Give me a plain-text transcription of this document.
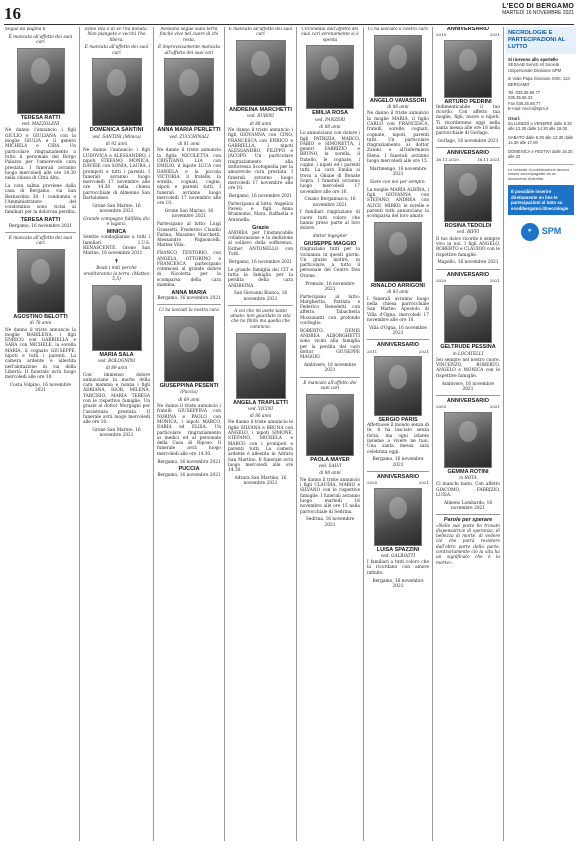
16	L'ECO DI BERGAMO
MARTEDÌ 16 NOVEMBRE 2021

Segue da pagina 6

È mancata all'affetto dei suoi cari

TERESA RATTI
ved. MAZZOLENI

Ne danno l'annuncio i figli GIULIO e GIULIANA con la moglie GIULIA e il genero MICHELA e CIRA. Un particolare ringraziamento a tutto il personale del Borgo Palazzo per l'amorevole cura prestata. I funerali avranno luogo mercoledì alle ore 14.30 nella chiesa di Città Alta.

La cara salma proviene dalla casa di Bergamo, via San Bernardino 30. I condomini e l'Amministratore del condominio sono vicini ai familiari per la dolorosa perdita.

TERESA RATTI

Bergamo, 16 novembre 2021

È mancata all'affetto dei suoi cari

AGOSTINO BELOTTI
di 78 anni

Ne danno il triste annuncio la moglie MARILENA, i figli ENRICO con GABRIELLA e SARA con MICHELE, la sorella MARIA, il cognato GIUSEPPE, nipoti e tutti i parenti. La camera ardente è allestita nell'abitazione in via della Libertà. Il funerale avrà luogo mercoledì alle ore 10.

Costa Volpino, 16 novembre 2021

Ebbe vita e di sé l'ha donata. Non piangete e vecchi l'ho libera.

È mancata all'affetto dei suoi cari

DOMENICA SANTINI
ved. SANTINI (Minica)
di 92 anni

Ne danno l'annuncio i figli LUDOVICA e ALESSANDRO, i nipoti STEFANO, MONICA, DAVIDE con SONIA, LAURA, i pronipoti e tutti i parenti. I funerali avranno luogo mercoledì 17 novembre alle ore 14.30 nella chiesa parrocchiale di Almenno San Bartolomeo.

Grone San Marino, 16 novembre 2021

Grande compagno fullflètu dio e lugara.

MINICA

Sentite condoglianze a tutti i familiari. I.U.S. RENASCENTE. Grone San Marino, 16 novembre 2021

✝

Beati i miti perché erediteranno la terra. (Matteo 5,5)

MARIA SALA
ved. BOLOGNINI
di 89 anni

Con immenso dolore annunciano la morte della cara mamma e nonna i figli ADRIANA, IGOR, MILENA, TARCISIO, MARIA TERESA con le rispettive famiglie. Un grazie al dottor Morgagni per l'assistenza prestata. Il funerale avrà luogo mercoledì alle ore 10.

Grone San Marino, 16 novembre 2021

Nessuno segue sulla terra finché vive nel cuore di chi resta.

È improvvisamente mancata all'affetto dei suoi cari

ANNA MARIA PERLETTI
ved. ZUCCHINALI
di 81 anni

Ne danno il triste annuncio la figlia NICOLETTA con CRISTIANO, LIA con EMILIO, il nipote LUCA con DANIELA e la piccola VICTORIA, il fratello, la sorella, cognati, cugini, nipoti e parenti tutti. I funerali avranno luogo mercoledì 17 novembre alle ore 10.

Grone San Marino, 16 novembre 2021

Partecipano al lutto: Luigi Grassetti, Frederico Claudio Farina, Massimo Marchetti, Alessandro Pagnoncelli, Mattea Villa.

FRANCO TENTORIO, con ANGELA, OTTORINO e FRANCESCA partecipano commossi al grande dolore di Nicoletta per la scomparsa della cara mamma.

ANNA MARIA

Bergamo, 16 novembre 2021

Ci ha lasciati la nostra cara

GIUSEPPINA PESENTI
(Puccia)
di 69 anni

Ne danno il triste annuncio i fratelli GIUSEPPINA con NORINA e PAOLO con MONICA, i nipoti MARCO, DARIA ed ELISA. Un particolare ringraziamento ai medici ed al personale della Casa di Riposo. Il funerale avrà luogo mercoledì alle ore 14.30.

Bergamo, 16 novembre 2021

PUCCIA

Bergamo, 16 novembre 2021

È mancato all'affetto dei suoi cari

ANDREINA MARCHETTI
ved. RUBINI
di 88 anni

Ne danno il triste annuncio i figli GIOVANNA con CINO, FRANCESCA con ENRICO e GABRIELLA, i nipoti ALESSANDRO, FILIPPO e JACOPO. Un particolare ringraziamento alla dottoressa Scotognella per la amorevole cura prestata. I funerali avranno luogo mercoledì 17 novembre alle ore 10.

Bergamo, 16 novembre 2021

Partecipano al lutto: Angelica Pavesi e figli. Anna Brannomo, Mara, Raffaella e Antonella.

Grazie

ANDREA per l'instancabile collaborazione e la dedizione al sollievo della sofferenza. Esther ANTONELLO con Tutti.

Bergamo, 16 novembre 2021

Le grande famiglia dei CIT e tutta la famiglia per la perdita della cara ANDREINA.

San Giovanni Bianco, 16 novembre 2021

A voi che mi avete tanto amato: non guardate la vita che ho finito ma quella che comincio.

ANGELA TRAPLETTI
ved. VICINI
di 86 anni

Ne danno il triste annuncio le figlie SILVANA e BRUNA con ANGELO, i nipoti SIMONE, STEFANO, MICHELA e MARCO con i pronipoti e parenti tutti. La camera ardente è allestita in Adrara San Martino. Il funerale avrà luogo mercoledì alle ore 14.30.

Adrara San Martino, 16 novembre 2021

Circondata dall'affetto dei suoi cari serenamente si è spenta

EMILIA ROSA
ved. PANZERI
di 88 anni

Lo annunciano con dolore i figli PATRIZIA, MARCO, FABIO e SIMONETTA, i generi FABRIZIO e BRUNO, la sorella, il fratello, le cognate, i cugini, i nipoti ed i parenti tutti. La cara Emilia si trova a Ghiaie di Bonate Sopra. I funerali avranno luogo mercoledì 17 novembre alle ore 10.

Cisano Bergamasco, 16 novembre 2021

I familiari ringraziano di cuore tutti coloro che hanno preso parte al loro dolore.

dottor ingegner

GIUSEPPE MAGGIO

ringraziano tutti per la vicinanza in questi giorni. Un grazie inoltre, in particolare, a tutto il personale del Centro Don Orione.

Premolo, 16 novembre 2021

Partecipano al lutto: Margherita, Patrizia e Federico Benedetti con affetto. Tabacheria Mozzanatti con profondo cordoglio.

ROBERTO, DENIS ANDREA ALBORGHETTI sono vicini alla famiglia per la perdita del caro dottor GIUSEPPE MAGGIO.

Ambivere, 16 novembre 2021

È mancato all'affetto dei suoi cari

PAOLA MAYER
ved. SALVI
di 88 anni

Ne danno il triste annuncio i figli CLAUDIA, MARIO e SILVANO con le rispettive famiglie. I funerali avranno luogo martedì 16 novembre alle ore 15 nella parrocchiale di Sedrina.

Sedrina, 16 novembre 2021

Ci ha lasciato il nostro caro

ANGELO VAVASSORI
di 86 anni

Ne danno il triste annuncio la moglie MARIA, il figlio CARLO con FRANCESCA, fratelli, sorelle, cognati, cognate, nipoti, parenti tutti. Un particolare ringraziamento al dottor Zanini e all'infermiera Elena. I funerali avranno luogo mercoledì alle ore 15.

Martinengo, 16 novembre 2021

Siete con noi per sempre.

La moglie MARIA ALBINA, i figli GIOVANNA con STEFANO, ANDREA con ALICE, MIRKO, le sorelle e parenti tutti annunciano la scomparsa del loro amato

RINALDO ARRIGONI
di 83 anni

I funerali avranno luogo nella chiesa parrocchiale San Matteo Apostolo di Villa d'Ogna, mercoledì 17 novembre alle ore 10.

Villa d'Ogna, 16 novembre 2021

ANNIVERSARIO
2011	2021
SERGIO PARIS

Affettuose il mondo senza di te, ti ha lasciato senza forza, ma ogni istante insieme a vivere ne tuoi. Una santa messa sarà celebrata oggi.

Bergamo, 16 novembre 2021

ANNIVERSARIO
2020	2021
LUISA SPAZZINI
ved. GALBIATTI

I familiari a tutti coloro che la ricordano con amore infinito.

Bergamo, 16 novembre 2021

ANNIVERSARIO
2010	2021
ARTURO PEDRINI

Indimenticabile il tuo ricordo. Con affetto tua moglie, figli, nuore e nipoti. Ti ricorderemo oggi nella santa messa alle ore 18 nella parrocchiale di Gorlago.

Gorlago, 16 novembre 2021

ANNIVERSARIO
16.11.2020	16.11.2021
ROSINA TEDOLDI
ved. BIFFI

Il tuo dolce ricordo è sempre vivo in noi. I figli ANGELO, ROBERTO e CLAUDIO con le rispettive famiglie.

Mapello, 16 novembre 2021

ANNIVERSARIO
2020	2021
GELTRUDE PESSINA
in LOCATELLI

Sei sempre nel nostro cuore. VINCENZO, ROBERTO, ANGELO e MONICA con le rispettive famiglie.

Ambivere, 16 novembre 2021

ANNIVERSARIO
2003	2021
GEMMA ROTINI
in ROTA

Ci manchi tanto. Con affetto GIACOMO, FABRIZIO, LUISA.

Almeno Lombardo, 16 novembre 2021

Parole per sperare

«Nelle sue poste ho trovato dispensatrice di speranza, di bellezza di morte. di vedere ciò che potrà resistere dall'altro parte della parte, contrariamente ciò la vita ha un significato che è la morte».

NECROLOGIE E PARTECIPAZIONI AL LUTTO
Si ricevono allo sportello
SESAAB Servizi srl Società Unipersonale Divisione SPM
in Viale Papa Giovanni XXIII, 124 BERGAMO
Tel. 035.35.86.77
035.35.86.33
Fax 035.35.86.77
E-mail: necro@spm.it
Orari:
da LUNEDÌ a VENERDÌ dalle 8.30 alle 12.30 dalle 14.30 alle 18.00
SABATO dalle 8.30 alle 12.30 dalle 14.30 alle 17.00
DOMENICA e FESTIVI dalle 16.30 alle 22
Le richieste di pubblicazione devono essere accompagnate da un documento d'identità.
È possibile inserire direttamente on line le partecipazioni al lutto su ecodibergamo.it/necrologie
✶	SPM
